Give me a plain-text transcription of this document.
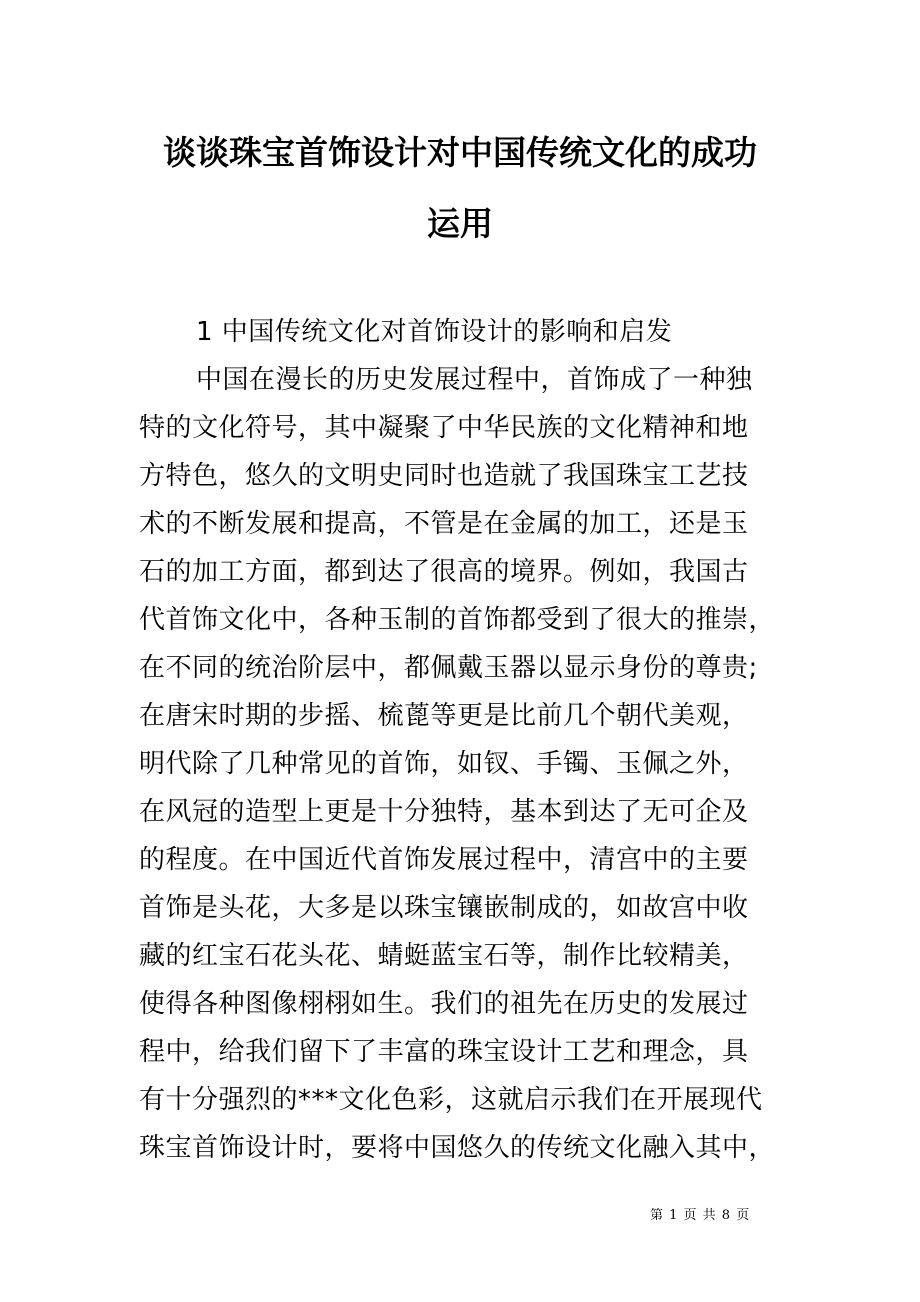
谈谈珠宝首饰设计对中国传统文化的成功
运用
1 中国传统文化对首饰设计的影响和启发
中国在漫长的历史发展过程中，首饰成了一种独
特的文化符号，其中凝聚了中华民族的文化精神和地
方特色，悠久的文明史同时也造就了我国珠宝工艺技
术的不断发展和提高，不管是在金属的加工，还是玉
石的加工方面，都到达了很高的境界。例如，我国古
代首饰文化中，各种玉制的首饰都受到了很大的推崇，
在不同的统治阶层中，都佩戴玉器以显示身份的尊贵;
在唐宋时期的步摇、梳蓖等更是比前几个朝代美观，
明代除了几种常见的首饰，如钗、手镯、玉佩之外，
在风冠的造型上更是十分独特，基本到达了无可企及
的程度。在中国近代首饰发展过程中，清宫中的主要
首饰是头花，大多是以珠宝镶嵌制成的，如故宫中收
藏的红宝石花头花、蜻蜓蓝宝石等，制作比较精美，
使得各种图像栩栩如生。我们的祖先在历史的发展过
程中，给我们留下了丰富的珠宝设计工艺和理念，具
有十分强烈的***文化色彩，这就启示我们在开展现代
珠宝首饰设计时，要将中国悠久的传统文化融入其中，
第 1 页 共 8 页
